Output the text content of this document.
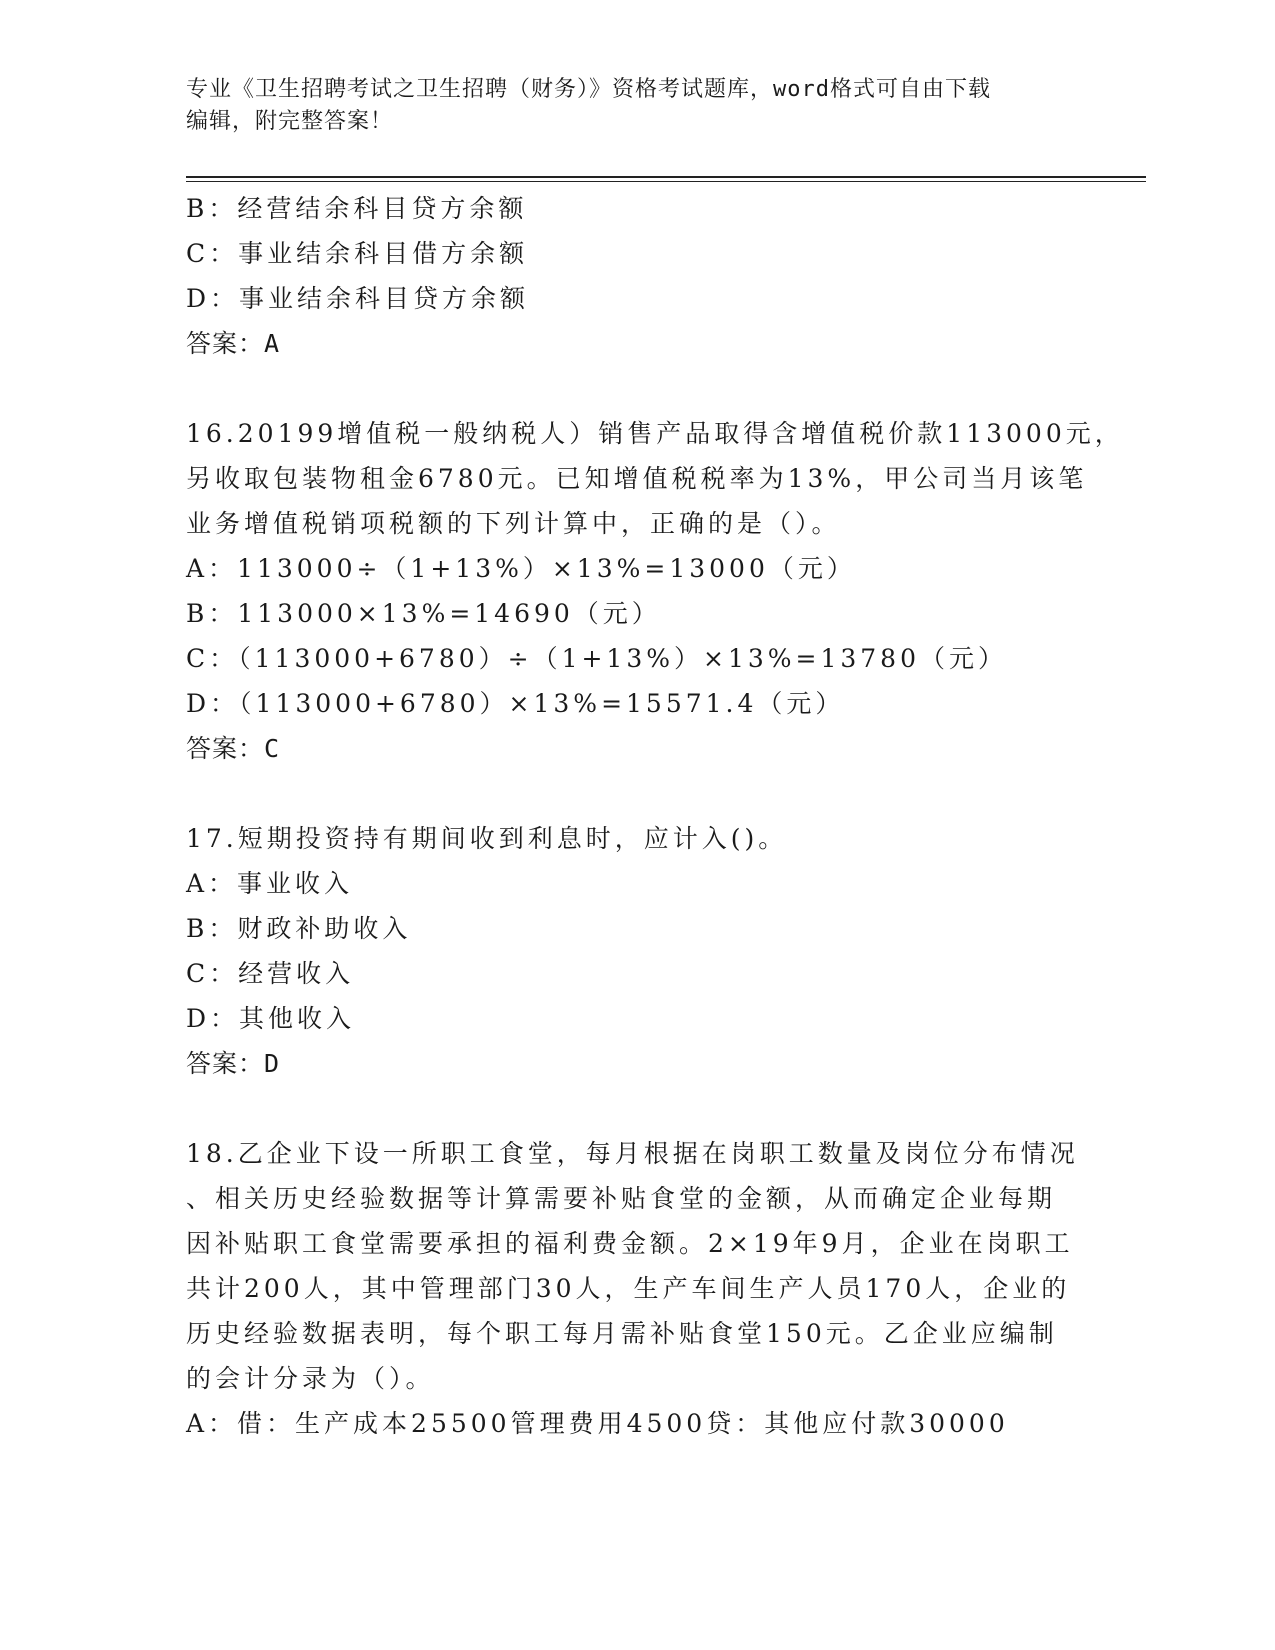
专业《卫生招聘考试之卫生招聘（财务）》资格考试题库，word格式可自由下载
编辑，附完整答案！
B：经营结余科目贷方余额
C：事业结余科目借方余额
D：事业结余科目贷方余额
答案：A
16.20199增值税一般纳税人）销售产品取得含增值税价款113000元，
另收取包装物租金6780元。已知增值税税率为13%，甲公司当月该笔
业务增值税销项税额的下列计算中，正确的是（）。
A：113000÷（1+13%）×13%=13000（元）
B：113000×13%=14690（元）
C：（113000+6780）÷（1+13%）×13%=13780（元）
D：（113000+6780）×13%=15571.4（元）
答案：C
17.短期投资持有期间收到利息时，应计入()。
A：事业收入
B：财政补助收入
C：经营收入
D：其他收入
答案：D
18.乙企业下设一所职工食堂，每月根据在岗职工数量及岗位分布情况
、相关历史经验数据等计算需要补贴食堂的金额，从而确定企业每期
因补贴职工食堂需要承担的福利费金额。2×19年9月，企业在岗职工
共计200人，其中管理部门30人，生产车间生产人员170人，企业的
历史经验数据表明，每个职工每月需补贴食堂150元。乙企业应编制
的会计分录为（）。
A：借：生产成本25500管理费用4500贷：其他应付款30000
